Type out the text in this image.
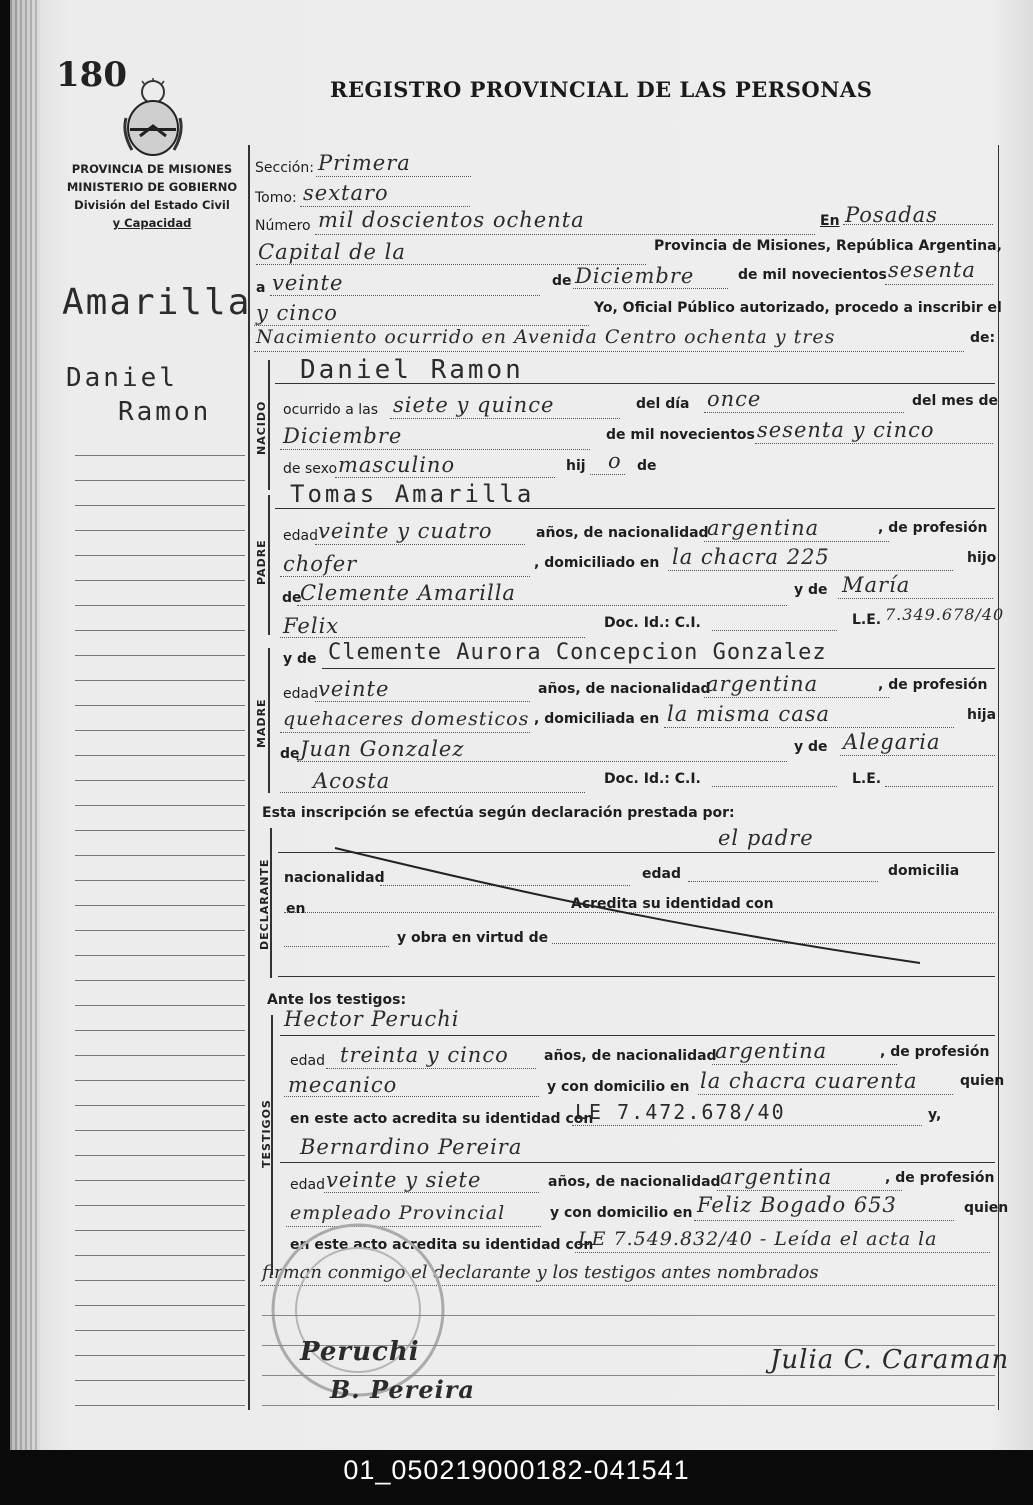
180	REGISTRO PROVINCIAL DE LAS PERSONAS
PROVINCIA DE MISIONES
MINISTERIO DE GOBIERNO
División del Estado Civil
y Capacidad
Amarilla
Daniel
Ramon
Sección: Primera
Tomo: sextaro
Número mil doscientos ochenta	En Posadas
Capital de la	Provincia de Misiones, República Argentina,
a veinte	de Diciembre	de mil novecientos sesenta
y cinco	Yo, Oficial Público autorizado, procedo a inscribir el
Nacimiento ocurrido en Avenida Centro ochenta y tres	de:
NACIDO
Daniel Ramon
ocurrido a las siete y quince	del día once	del mes de
Diciembre	de mil novecientos sesenta y cinco
de sexo masculino	hij o de
PADRE
Tomas Amarilla
edad veinte y cuatro	años, de nacionalidad
argentina	, de profesión
chofer	, domiciliado en la chacra 225	hijo
de
Clemente Amarilla	y de María
Felix	Doc. Id.: C.I.	L.E. 7.349.678/40
MADRE
y de Clemente Aurora Concepcion Gonzalez
edad veinte	años, de nacionalidad
argentina	, de profesión
quehaceres domesticos , domiciliada en la misma casa	hija
de Juan Gonzalez	y de Alegaria
Acosta	Doc. Id.: C.I.	L.E.
Esta inscripción se efectúa según declaración prestada por:
DECLARANTE
el padre
nacionalidad	edad	domicilia
en	Acredita su identidad con
y obra en virtud de
Ante los testigos:
TESTIGOS
Hector Peruchi
edad treinta y cinco	años, de nacionalidad
argentina	, de profesión
mecanico	y con domicilio en la chacra cuarenta	quien
en este acto acredita su identidad con
LE 7.472.678/40	y,
Bernardino Pereira
edad veinte y siete	años, de nacionalidad argentina	, de profesión
empleado Provincial	y con domicilio en Feliz Bogado 653	quien
en este acto acredita su identidad con
LE 7.549.832/40 - Leída el acta la
firman conmigo el declarante y los testigos antes nombrados
Peruchi
B. Pereira
Julia C. Caraman
01_050219000182-041541
